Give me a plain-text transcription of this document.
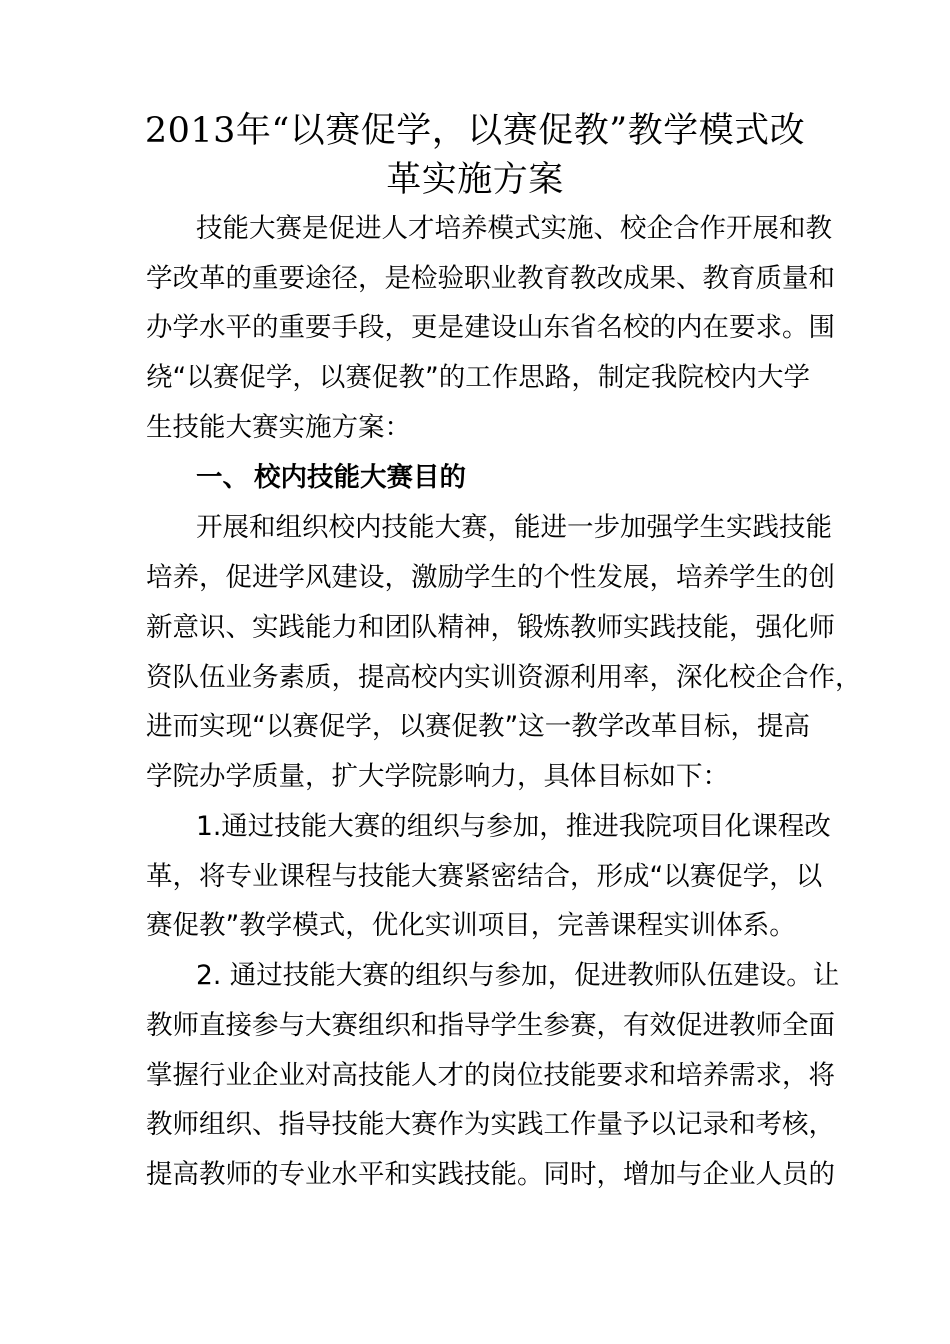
2013年“以赛促学，以赛促教”教学模式改
革实施方案
技能大赛是促进人才培养模式实施、校企合作开展和教
学改革的重要途径，是检验职业教育教改成果、教育质量和
办学水平的重要手段，更是建设山东省名校的内在要求。围
绕“以赛促学，以赛促教”的工作思路，制定我院校内大学
生技能大赛实施方案：
一、 校内技能大赛目的
开展和组织校内技能大赛，能进一步加强学生实践技能
培养，促进学风建设，激励学生的个性发展，培养学生的创
新意识、实践能力和团队精神，锻炼教师实践技能，强化师
资队伍业务素质，提高校内实训资源利用率，深化校企合作，
进而实现“以赛促学，以赛促教”这一教学改革目标，提高
学院办学质量，扩大学院影响力，具体目标如下：
1.通过技能大赛的组织与参加，推进我院项目化课程改
革，将专业课程与技能大赛紧密结合，形成“以赛促学，以
赛促教”教学模式，优化实训项目，完善课程实训体系。
2. 通过技能大赛的组织与参加，促进教师队伍建设。让
教师直接参与大赛组织和指导学生参赛，有效促进教师全面
掌握行业企业对高技能人才的岗位技能要求和培养需求，将
教师组织、指导技能大赛作为实践工作量予以记录和考核，
提高教师的专业水平和实践技能。同时，增加与企业人员的
